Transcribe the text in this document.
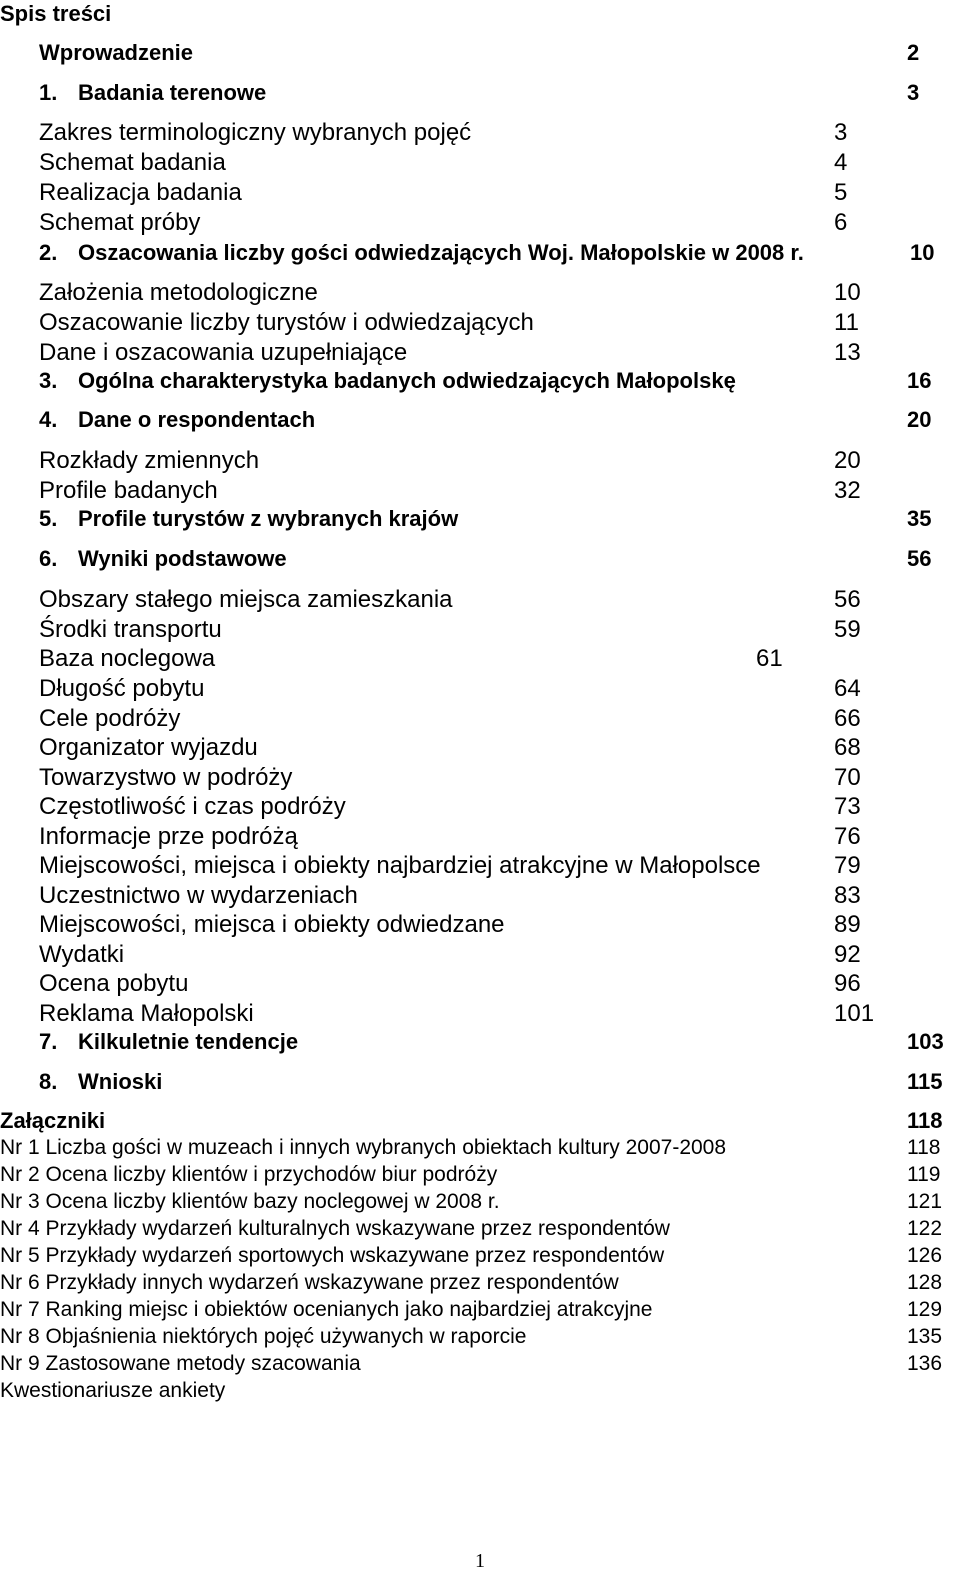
Spis treści
Wprowadzenie	2
1. Badania terenowe	3
Zakres terminologiczny wybranych pojęć	3
Schemat badania	4
Realizacja badania	5
Schemat próby	6
2. Oszacowania liczby gości odwiedzających Woj. Małopolskie w 2008 r.	10
Założenia metodologiczne	10
Oszacowanie liczby turystów i odwiedzających	11
Dane i oszacowania uzupełniające	13
3. Ogólna charakterystyka badanych odwiedzających Małopolskę	16
4. Dane o respondentach	20
Rozkłady zmiennych	20
Profile badanych	32
5. Profile turystów z wybranych krajów	35
6. Wyniki podstawowe	56
Obszary stałego miejsca zamieszkania	56
Środki transportu	59
Baza noclegowa	61
Długość pobytu	64
Cele podróży	66
Organizator wyjazdu	68
Towarzystwo w podróży	70
Częstotliwość i czas podróży	73
Informacje prze podróżą	76
Miejscowości, miejsca i obiekty najbardziej atrakcyjne w Małopolsce	79
Uczestnictwo w wydarzeniach	83
Miejscowości, miejsca i obiekty odwiedzane	89
Wydatki	92
Ocena pobytu	96
Reklama Małopolski	101
7. Kilkuletnie tendencje	103
8. Wnioski	115
Załączniki	118
Nr 1 Liczba gości w muzeach i innych wybranych obiektach kultury 2007-2008	118
Nr 2 Ocena liczby klientów i przychodów biur podróży	119
Nr 3 Ocena liczby klientów bazy noclegowej w 2008 r.	121
Nr 4 Przykłady wydarzeń kulturalnych wskazywane przez respondentów	122
Nr 5 Przykłady wydarzeń sportowych wskazywane przez respondentów	126
Nr 6 Przykłady innych wydarzeń wskazywane przez respondentów	128
Nr 7 Ranking miejsc i obiektów ocenianych jako najbardziej atrakcyjne	129
Nr 8 Objaśnienia niektórych pojęć używanych w raporcie	135
Nr 9 Zastosowane metody szacowania	136
Kwestionariusze ankiety
1
